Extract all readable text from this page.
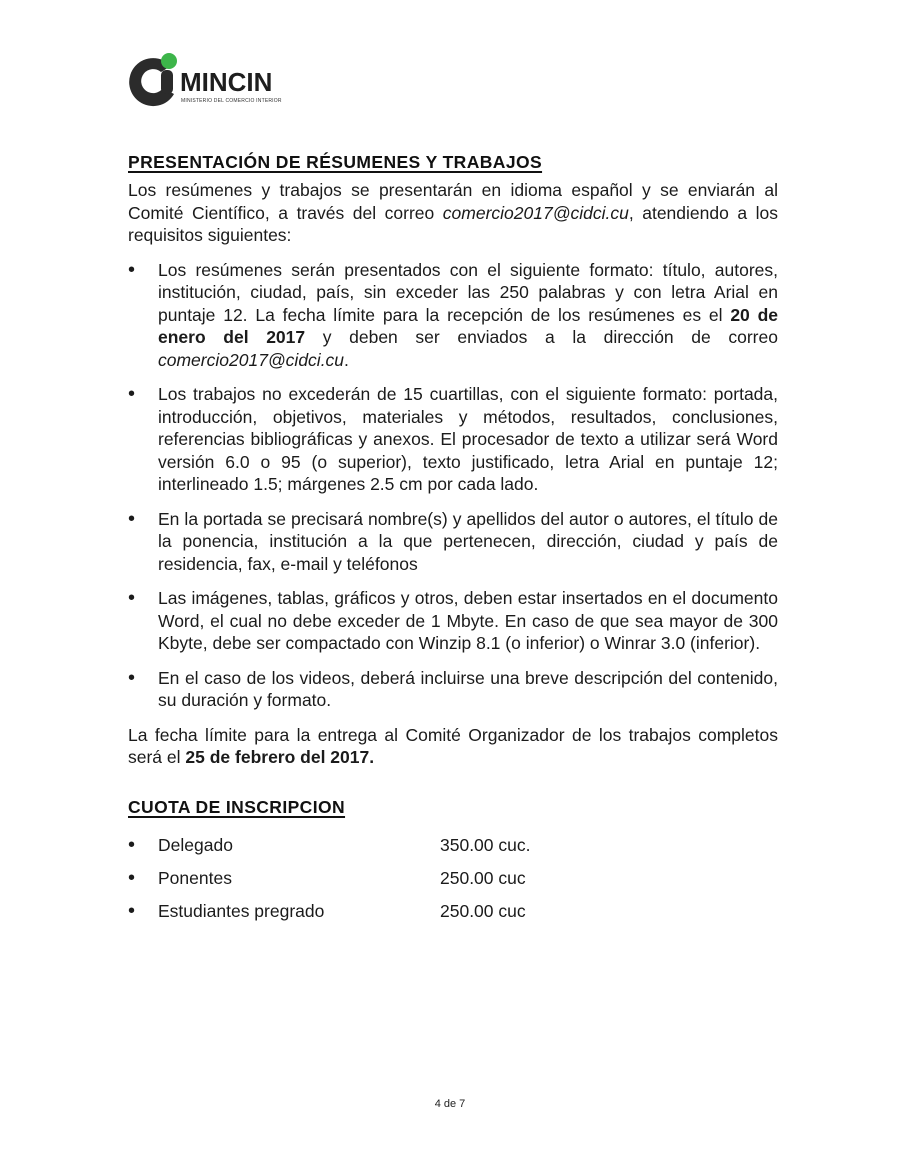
MINCIN
MINISTERIO DEL COMERCIO INTERIOR
PRESENTACIÓN DE RÉSUMENES Y TRABAJOS

Los resúmenes y trabajos se presentarán en idioma español y se enviarán al Comité Científico, a través del correo comercio2017@cidci.cu, atendiendo a los requisitos siguientes:

• Los resúmenes serán presentados con el siguiente formato: título, autores, institución, ciudad, país, sin exceder las 250 palabras y con letra Arial en puntaje 12. La fecha límite para la recepción de los resúmenes es el 20 de enero del 2017 y deben ser enviados a la dirección de correo comercio2017@cidci.cu.
• Los trabajos no excederán de 15 cuartillas, con el siguiente formato: portada, introducción, objetivos, materiales y métodos, resultados, conclusiones, referencias bibliográficas y anexos. El procesador de texto a utilizar será Word versión 6.0 o 95 (o superior), texto justificado, letra Arial en puntaje 12; interlineado 1.5; márgenes 2.5 cm por cada lado.
• En la portada se precisará nombre(s) y apellidos del autor o autores, el título de la ponencia, institución a la que pertenecen, dirección, ciudad y país de residencia, fax, e-mail y teléfonos
• Las imágenes, tablas, gráficos y otros, deben estar insertados en el documento Word, el cual no debe exceder de 1 Mbyte. En caso de que sea mayor de 300 Kbyte, debe ser compactado con Winzip 8.1 (o inferior) o Winrar 3.0 (inferior).
• En el caso de los videos, deberá incluirse una breve descripción del contenido, su duración y formato.

La fecha límite para la entrega al Comité Organizador de los trabajos completos será el 25 de febrero del 2017.

CUOTA DE INSCRIPCION
• Delegado	350.00 cuc.
• Ponentes	250.00 cuc
• Estudiantes pregrado	250.00 cuc
4 de 7
